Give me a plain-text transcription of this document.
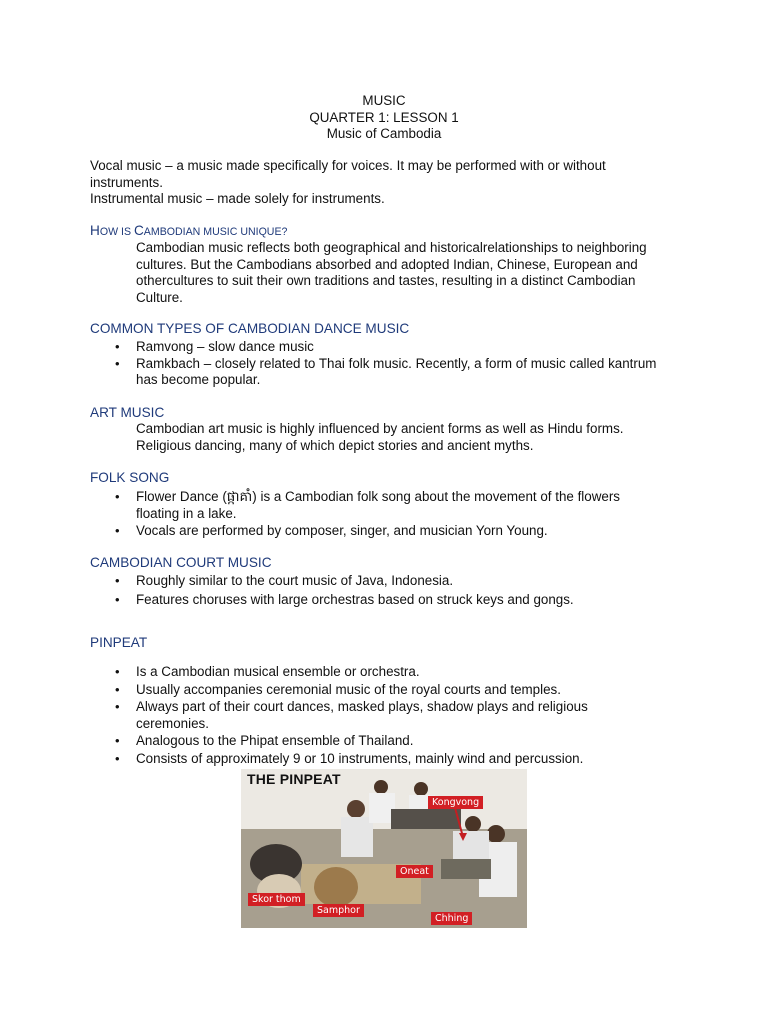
MUSIC
QUARTER 1: LESSON 1
Music of Cambodia
Vocal music – a music made specifically for voices. It may be performed with or without
instruments.
Instrumental music – made solely for instruments.
HOW IS CAMBODIAN MUSIC UNIQUE?
Cambodian music reflects both geographical and historicalrelationships to neighboring
cultures. But the Cambodians absorbed and adopted Indian, Chinese, European and
othercultures to suit their own traditions and tastes, resulting in a distinct Cambodian
Culture.
COMMON TYPES OF CAMBODIAN DANCE MUSIC
• Ramvong – slow dance music
• Ramkbach – closely related to Thai folk music. Recently, a form of music called kantrum
has become popular.
ART MUSIC
Cambodian art music is highly influenced by ancient forms as well as Hindu forms.
Religious dancing, many of which depict stories and ancient myths.
FOLK SONG
• Flower Dance (ផ្កាគាំ) is a Cambodian folk song about the movement of the flowers
floating in a lake.
• Vocals are performed by composer, singer, and musician Yorn Young.
CAMBODIAN COURT MUSIC
• Roughly similar to the court music of Java, Indonesia.
• Features choruses with large orchestras based on struck keys and gongs.
PINPEAT
• Is a Cambodian musical ensemble or orchestra.
• Usually accompanies ceremonial music of the royal courts and temples.
• Always part of their court dances, masked plays, shadow plays and religious
ceremonies.
• Analogous to the Phipat ensemble of Thailand.
• Consists of approximately 9 or 10 instruments, mainly wind and percussion.
THE PINPEAT
Kongvong
Oneat
Skor thom
Samphor
Chhing
